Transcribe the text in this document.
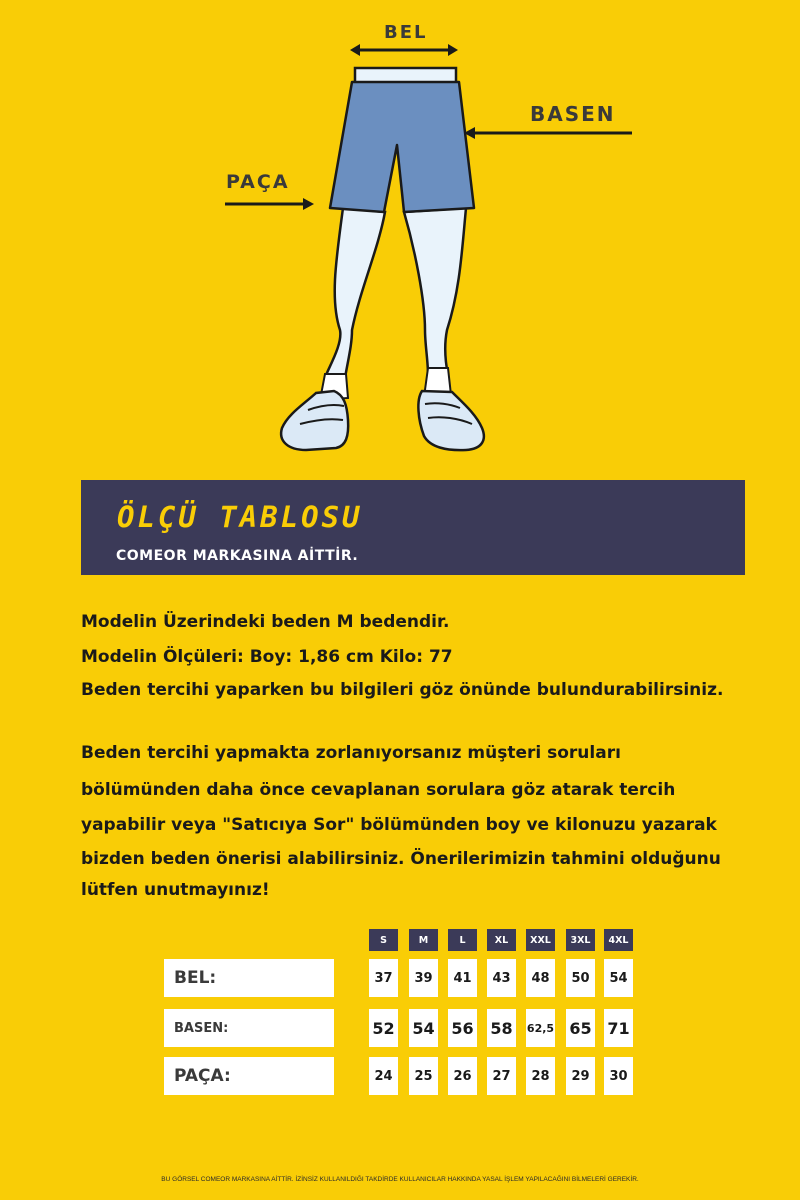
BEL
BASEN
PAÇA
ÖLÇÜ TABLOSU
COMEOR MARKASINA AİTTİR.
Modelin Üzerindeki beden M bedendir.
Modelin Ölçüleri: Boy: 1,86 cm Kilo: 77
Beden tercihi yaparken bu bilgileri göz önünde bulundurabilirsiniz.
Beden tercihi yapmakta zorlanıyorsanız müşteri soruları
bölümünden daha önce cevaplanan sorulara göz atarak tercih
yapabilir veya "Satıcıya Sor" bölümünden boy ve kilonuzu yazarak
bizden beden önerisi alabilirsiniz. Önerilerimizin tahmini olduğunu
lütfen unutmayınız!
S	M	L	XL	XXL	3XL	4XL
BEL:	37	39	41	43	48	50	54
BASEN:	52 54 56 58	62,5 65 71
PAÇA:	24	25	26	27	28	29	30
BU GÖRSEL COMEOR MARKASINA AİTTİR. İZİNSİZ KULLANILDIĞI TAKDİRDE KULLANICILAR HAKKINDA YASAL İŞLEM YAPILACAĞINI BİLMELERİ GEREKİR.
